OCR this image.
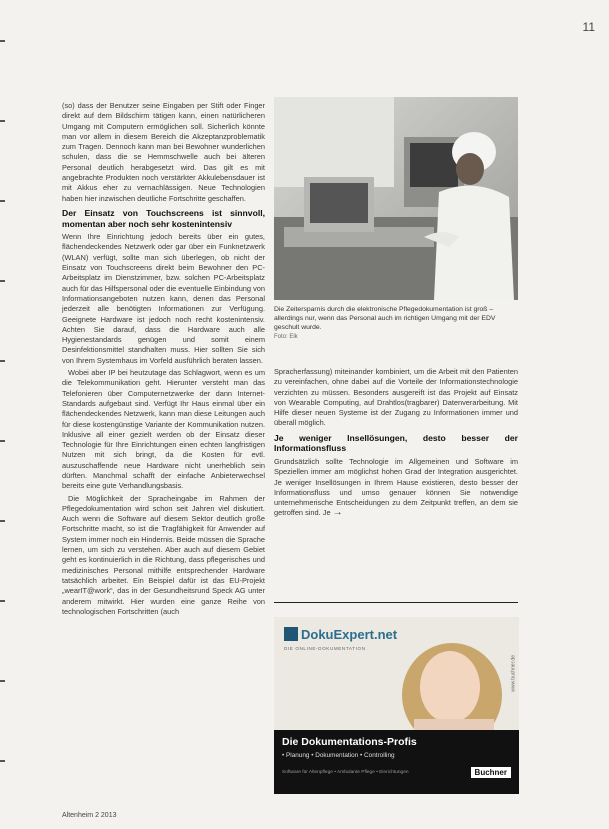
11

(so) dass der Benutzer seine Eingaben per Stift oder Finger direkt auf dem Bildschirm tätigen kann, einen natürlicheren Umgang mit Computern ermöglichen soll. Sicherlich könnte man vor allem in diesem Bereich die Akzeptanzproblematik zum Tragen. Dennoch kann man bei Bewohner wunderlichen schulen, dass die se Hemmschwelle auch bei älteren Personal deutlich herabgesetzt wird. Das gilt es mit angebrachte Produkten noch verstärkter Akkulebensdauer ist mit Akkus eher zu vernachlässigen. Neue Technologien haben hier inzwischen deutliche Fortschritte geschaffen.

Der Einsatz von Touchscreens ist sinnvoll, momentan aber noch sehr kostenintensiv

Wenn Ihre Einrichtung jedoch bereits über ein gutes, flächendeckendes Netzwerk oder gar über ein Funknetzwerk (WLAN) verfügt, sollte man sich überlegen, ob nicht der Einsatz von Touchscreens direkt beim Bewohner den PC-Arbeitsplatz im Dienstzimmer, bzw. solchen PC-Arbeitsplatz auch für das Hilfspersonal oder die eventuelle Einbindung von Informationsangeboten nutzen kann, denen das Personal jederzeit alle benötigten Informationen zur Verfügung. Geeignete Hardware ist jedoch noch recht kostenintensiv. Achten Sie darauf, dass die Hardware auch alle Hygienestandards genügen und somit einem Desinfektionsmittel standhalten muss. Hier sollten Sie sich von Ihrem Systemhaus im Vorfeld ausführlich beraten lassen.

Wobei aber IP bei heutzutage das Schlagwort, wenn es um die Telekommunikation geht. Hierunter versteht man das Telefonieren über Computernetzwerke der dann Internet-Standards aufgebaut sind. Verfügt Ihr Haus einmal über ein flächendeckendes Netzwerk, kann man diese Leitungen auch für diese kostengünstige Variante der Kommunikation nutzen. Inklusive all einer gezielt werden ob der Einsatz dieser Technologie für Ihre Einrichtungen einen echten langfristigen Nutzen mit sich bringt, da die Kosten für evtl. auszuschaffende neue Hardware nicht unerheblich sein dürften. Manchmal schafft der einfache Anbieterwechsel bereits eine gute Verhandlungsbasis.

Die Möglichkeit der Spracheingabe im Rahmen der Pflegedokumentation wird schon seit Jahren viel diskutiert. Auch wenn die Software auf diesem Sektor deutlich große Fortschritte macht, so ist die Tragfähigkeit für Anwender auf System immer noch ein Hindernis. Beide müssen die Sprache lernen, um sich zu verstehen. Aber auch auf diesem Gebiet geht es kontinuierlich in die Richtung, dass pflegerisches und medizinisches Personal mithilfe entsprechender Hardware tatsächlich arbeitet. Ein Beispiel dafür ist das EU-Projekt „wearIT@work“, das in der Gesundheitsrund Speck AG unter anderem mitwirkt. Hier wurden eine ganze Reihe von technologischen Fortschritten (auch

Die Zeitersparnis durch die elektronische Pflegedokumentation ist groß – allerdings nur, wenn das Personal auch im richtigen Umgang mit der EDV geschult wurde.
Foto: Elk

Spracherfassung) miteinander kombiniert, um die Arbeit mit den Patienten zu vereinfachen, ohne dabei auf die Vorteile der Informationstechnologie verzichten zu müssen. Besonders ausgereift ist das Projekt auf Einsatz von Wearable Computing, auf Drahtlos(tragbarer) Datenverarbeitung. Mit Hilfe dieser neuen Systeme ist der Zugang zu Informationen immer und überall möglich.

Je weniger Insellösungen, desto besser der Informationsfluss

Grundsätzlich sollte Technologie im Allgemeinen und Software im Speziellen immer am möglichst hohen Grad der Integration ausgerichtet. Je weniger Insellösungen in Ihrem Hause existieren, desto besser der Informationsfluss und umso genauer können Sie notwendige unternehmerische Entscheidungen zu dem Zeitpunkt treffen, an dem sie getroffen sind. Je →

DokuExpert.net
DIE ONLINE-DOKUMENTATION
www.buchner.de
Die Dokumentations-Profis
• Planung • Dokumentation • Controlling
Software für Altenpflege • Ambulante Pflege • Einrichtungen	Buchner
Altenheim 2 2013
